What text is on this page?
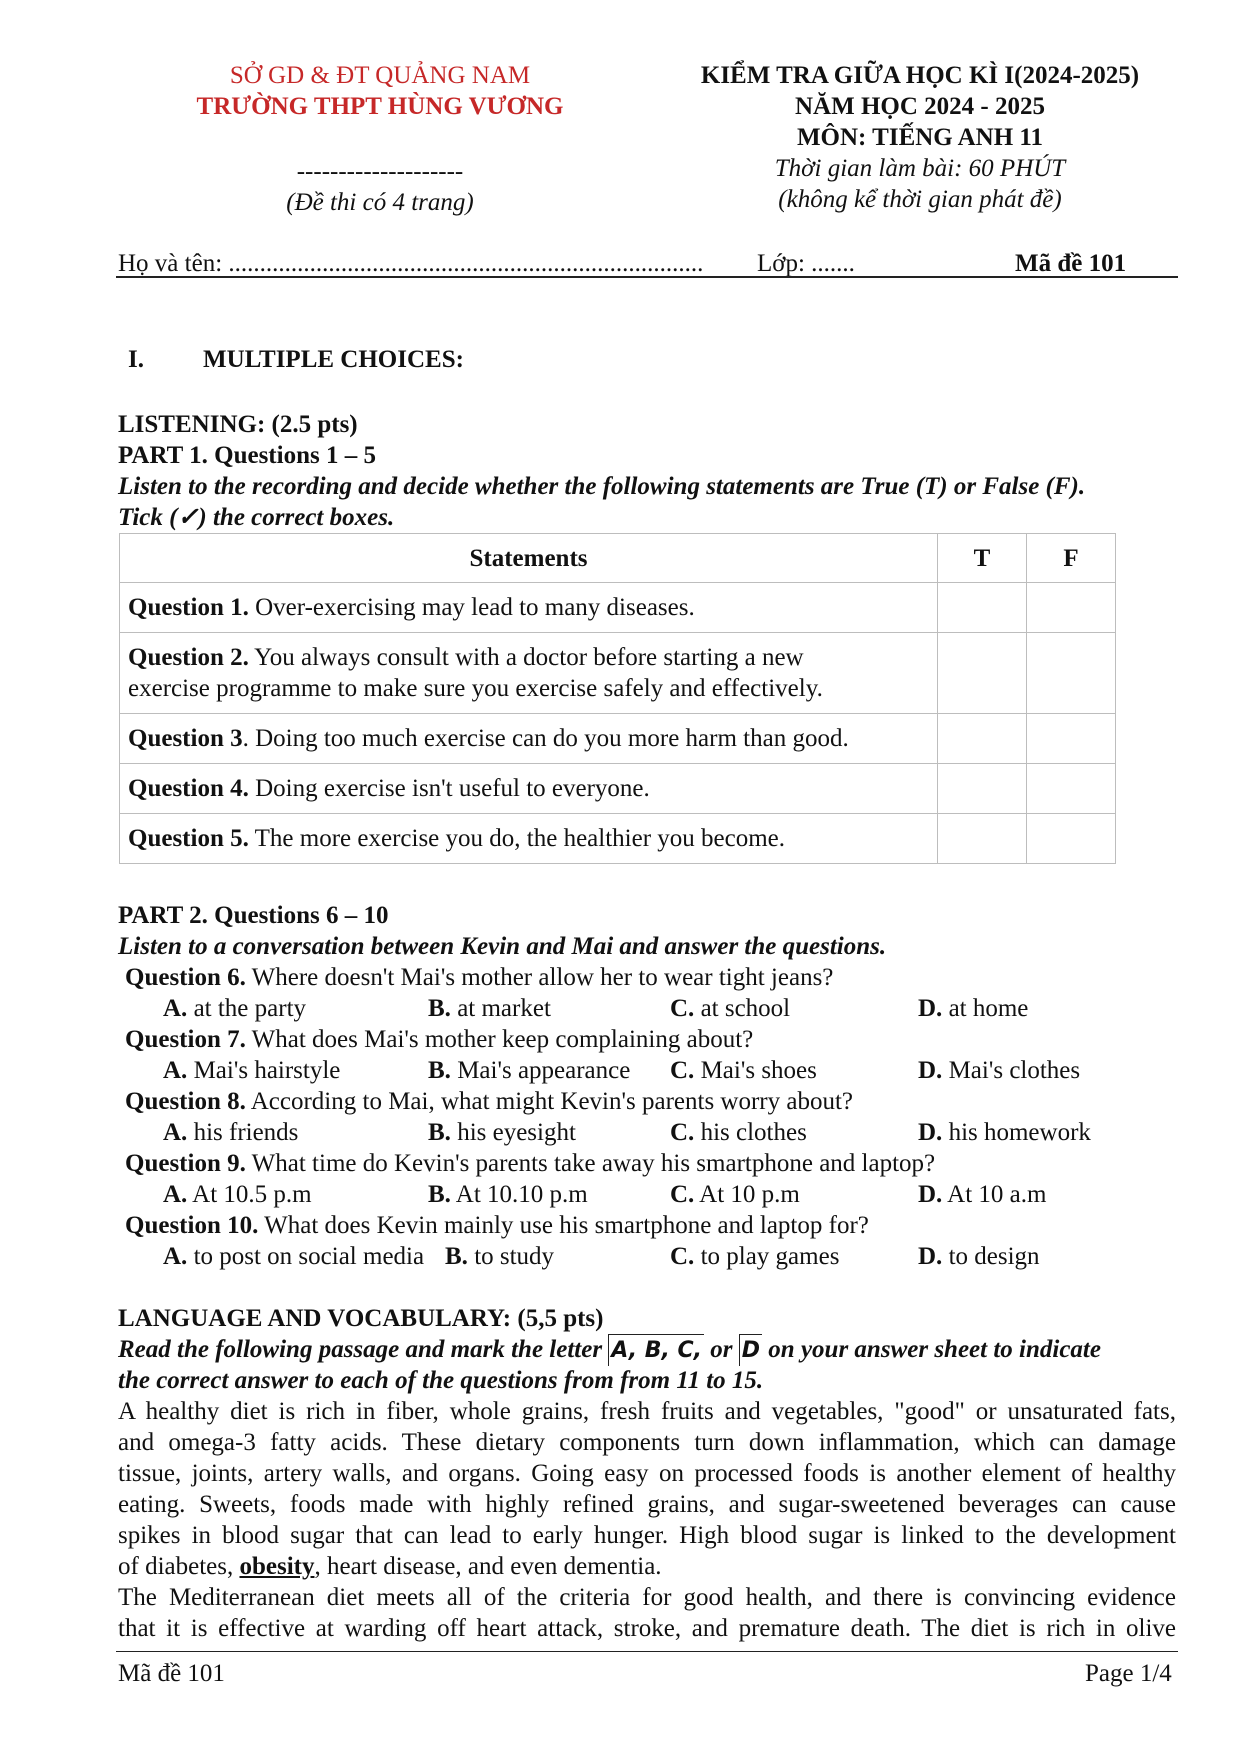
SỞ GD & ĐT QUẢNG NAM
TRƯỜNG THPT HÙNG VƯƠNG
--------------------
(Đề thi có 4 trang)
KIỂM TRA GIỮA HỌC KÌ I(2024-2025)
NĂM HỌC 2024 - 2025
MÔN: TIẾNG ANH 11
Thời gian làm bài: 60 PHÚT
(không kể thời gian phát đề)
Họ và tên: ............................................................................ Lớp: .......	Mã đề 101
I. MULTIPLE CHOICES:
LISTENING: (2.5 pts)
PART 1. Questions 1 – 5
Listen to the recording and decide whether the following statements are True (T) or False (F).
Tick (✓) the correct boxes.
Statements	T	F
Question 1. Over-exercising may lead to many diseases.		
Question 2. You always consult with a doctor before starting a new exercise programme to make sure you exercise safely and effectively.		
Question 3. Doing too much exercise can do you more harm than good.		
Question 4. Doing exercise isn't useful to everyone.		
Question 5. The more exercise you do, the healthier you become.		
PART 2. Questions 6 – 10
Listen to a conversation between Kevin and Mai and answer the questions.
Question 6. Where doesn't Mai's mother allow her to wear tight jeans?
A. at the party	B. at market	C. at school	D. at home
Question 7. What does Mai's mother keep complaining about?
A. Mai's hairstyle	B. Mai's appearance C. Mai's shoes	D. Mai's clothes
Question 8. According to Mai, what might Kevin's parents worry about?
A. his friends	B. his eyesight	C. his clothes	D. his homework
Question 9. What time do Kevin's parents take away his smartphone and laptop?
A. At 10.5 p.m	B. At 10.10 p.m	C. At 10 p.m	D. At 10 a.m
Question 10. What does Kevin mainly use his smartphone and laptop for?
A. to post on social media B. to study	C. to play games	D. to design
LANGUAGE AND VOCABULARY: (5,5 pts)
Read the following passage and mark the letter A, B, C, or D on your answer sheet to indicate
the correct answer to each of the questions from from 11 to 15.
A healthy diet is rich in fiber, whole grains, fresh fruits and vegetables, "good" or unsaturated fats,
and omega-3 fatty acids. These dietary components turn down inflammation, which can damage
tissue, joints, artery walls, and organs. Going easy on processed foods is another element of healthy
eating. Sweets, foods made with highly refined grains, and sugar-sweetened beverages can cause
spikes in blood sugar that can lead to early hunger. High blood sugar is linked to the development
of diabetes, obesity, heart disease, and even dementia.
The Mediterranean diet meets all of the criteria for good health, and there is convincing evidence
that it is effective at warding off heart attack, stroke, and premature death. The diet is rich in olive
Mã đề 101	Page 1/4
